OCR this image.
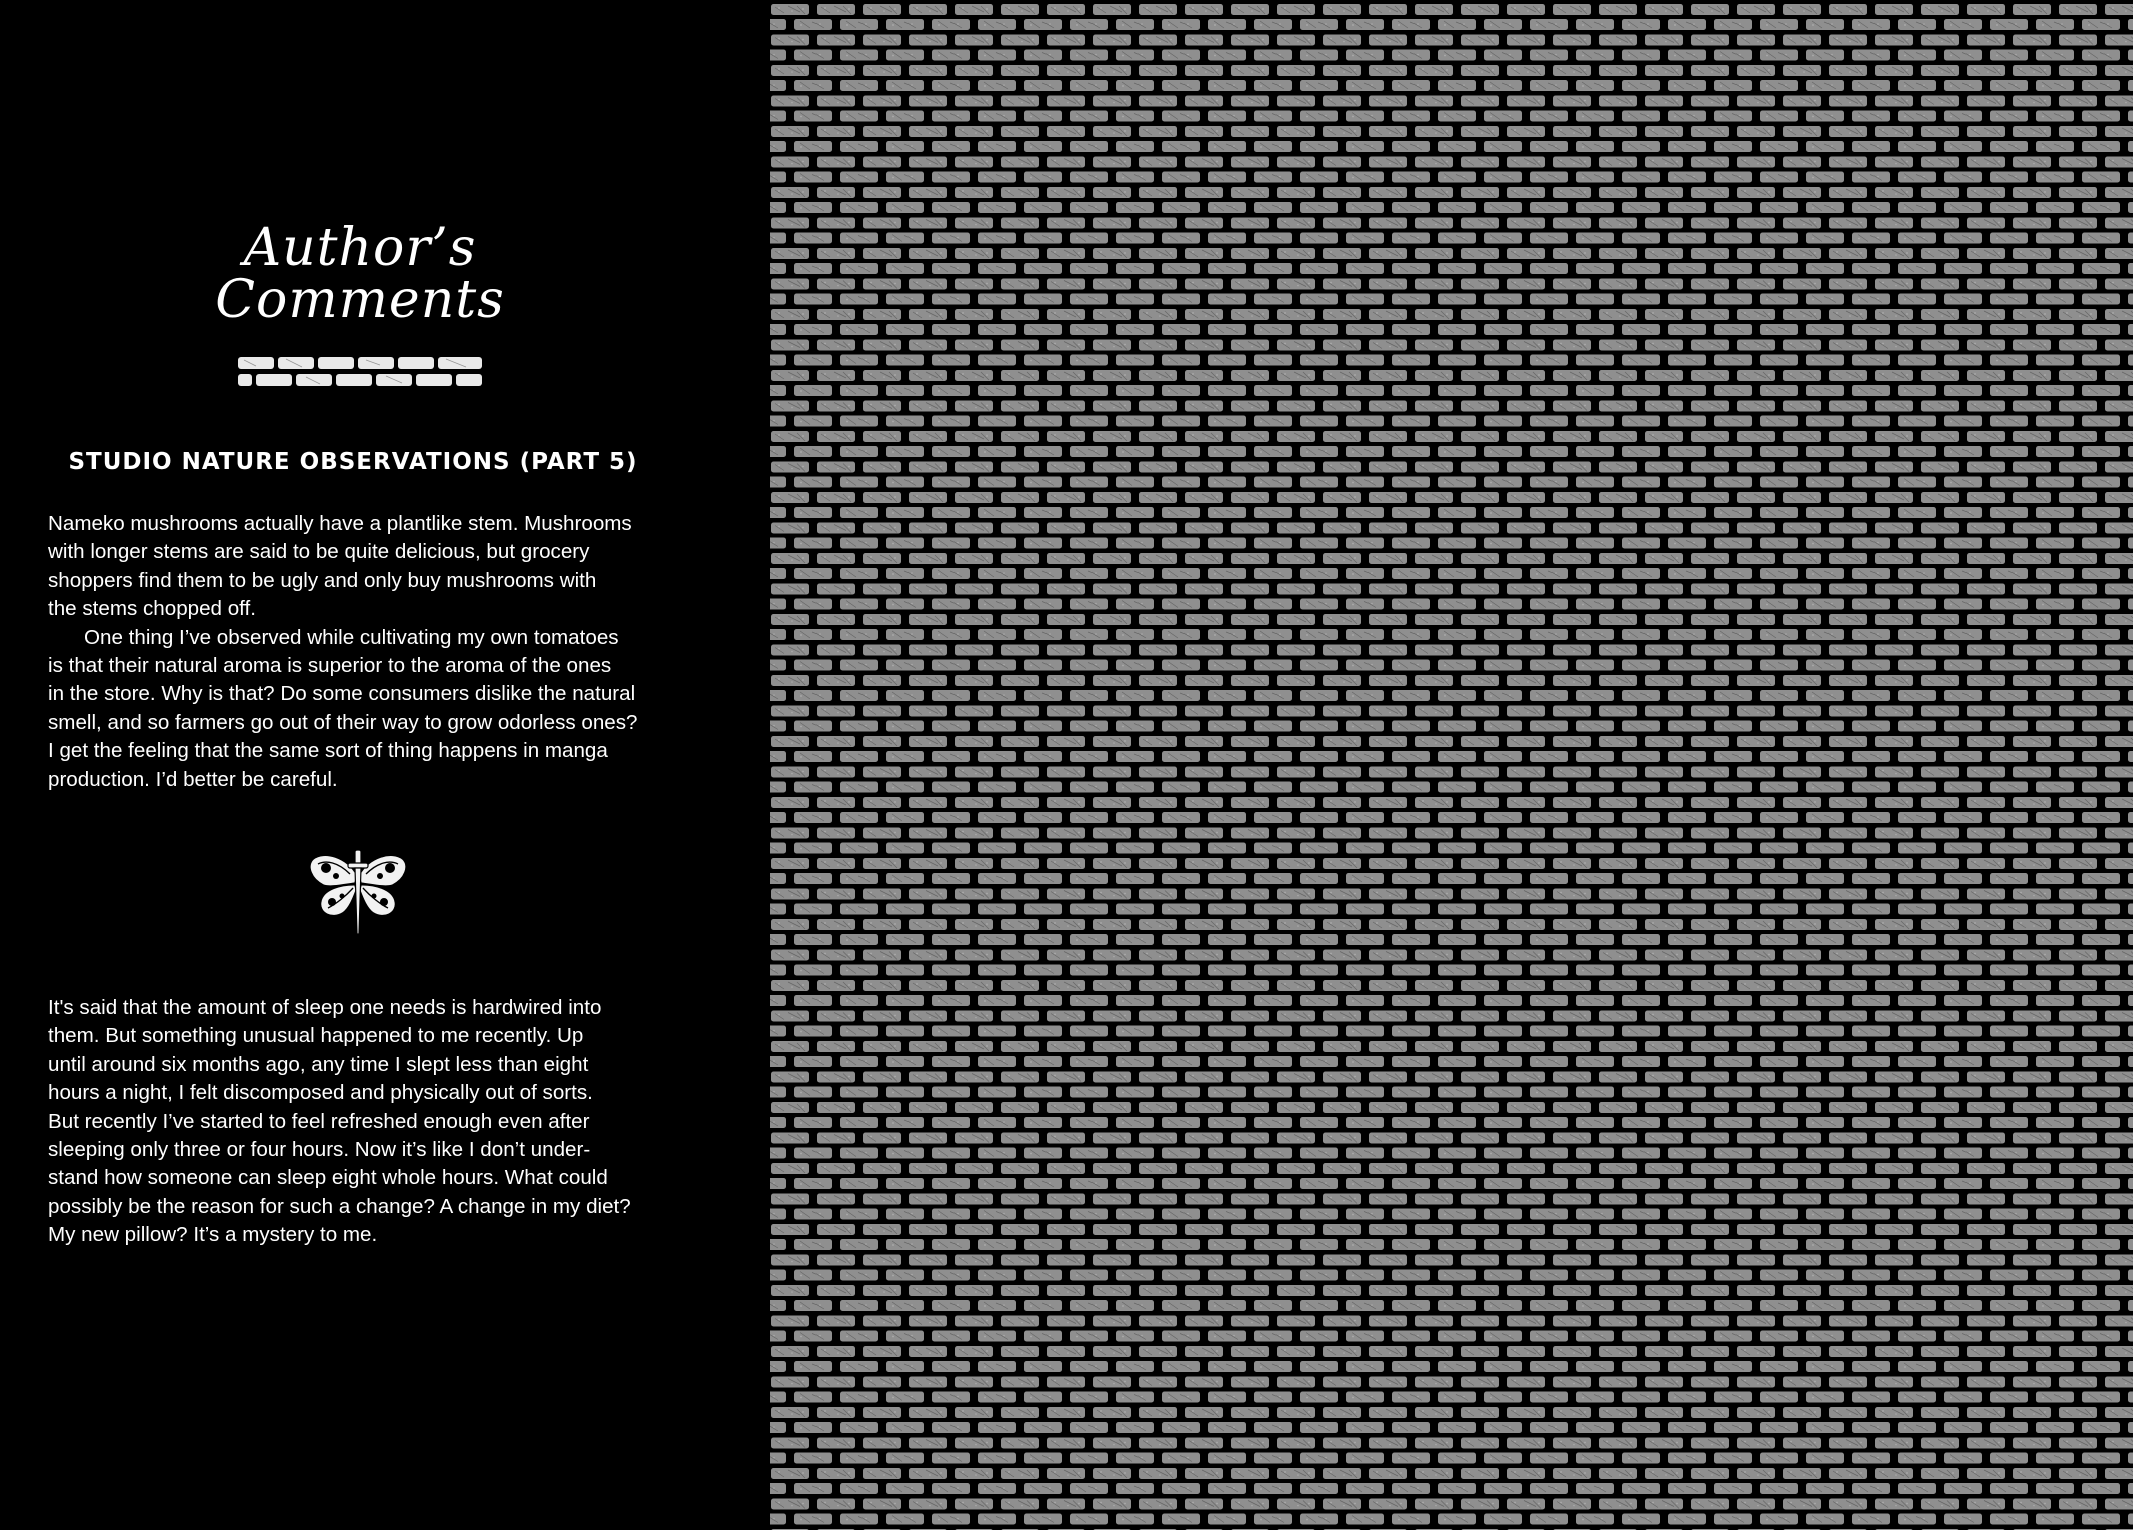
Author’s
Comments
STUDIO NATURE OBSERVATIONS (PART 5)

Nameko mushrooms actually have a plantlike stem. Mushrooms
with longer stems are said to be quite delicious, but grocery
shoppers find them to be ugly and only buy mushrooms with
the stems chopped off.
One thing I’ve observed while cultivating my own tomatoes
is that their natural aroma is superior to the aroma of the ones
in the store. Why is that? Do some consumers dislike the natural
smell, and so farmers go out of their way to grow odorless ones?
I get the feeling that the same sort of thing happens in manga
production. I’d better be careful.

It's said that the amount of sleep one needs is hardwired into
them. But something unusual happened to me recently. Up
until around six months ago, any time I slept less than eight
hours a night, I felt discomposed and physically out of sorts.
But recently I’ve started to feel refreshed enough even after
sleeping only three or four hours. Now it’s like I don’t under-
stand how someone can sleep eight whole hours. What could
possibly be the reason for such a change? A change in my diet?
My new pillow? It’s a mystery to me.
